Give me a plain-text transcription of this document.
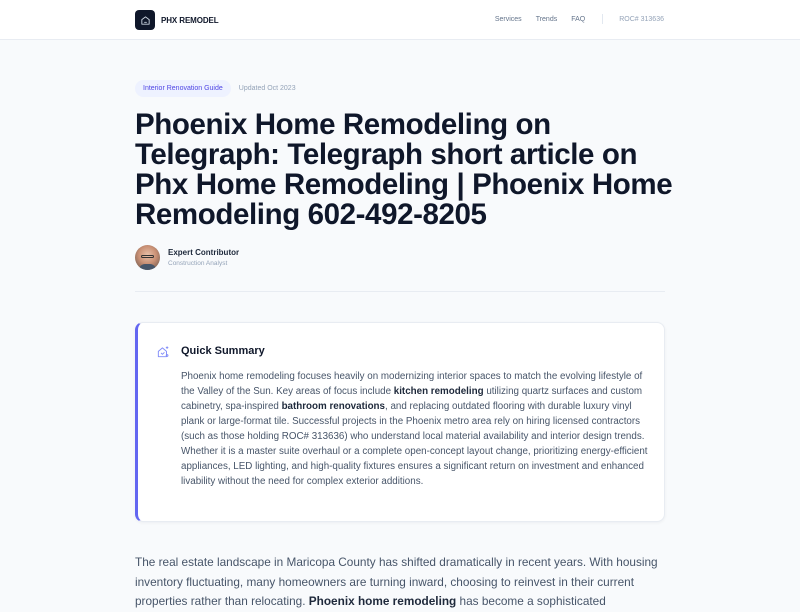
PHX REMODEL	Services Trends FAQ	ROC# 313636
Interior Renovation Guide	Updated Oct 2023
Phoenix Home Remodeling on Telegraph: Telegraph short article on Phx Home Remodeling | Phoenix Home Remodeling 602-492-8205
Expert Contributor
Construction Analyst
Quick Summary

Phoenix home remodeling focuses heavily on modernizing interior spaces to match the evolving lifestyle of the Valley of the Sun. Key areas of focus include kitchen remodeling utilizing quartz surfaces and custom cabinetry, spa-inspired bathroom renovations, and replacing outdated flooring with durable luxury vinyl plank or large-format tile. Successful projects in the Phoenix metro area rely on hiring licensed contractors (such as those holding ROC# 313636) who understand local material availability and interior design trends. Whether it is a master suite overhaul or a complete open-concept layout change, prioritizing energy-efficient appliances, LED lighting, and high-quality fixtures ensures a significant return on investment and enhanced livability without the need for complex exterior additions.

The real estate landscape in Maricopa County has shifted dramatically in recent years. With housing inventory fluctuating, many homeowners are turning inward, choosing to reinvest in their current properties rather than relocating. Phoenix home remodeling has become a sophisticated
